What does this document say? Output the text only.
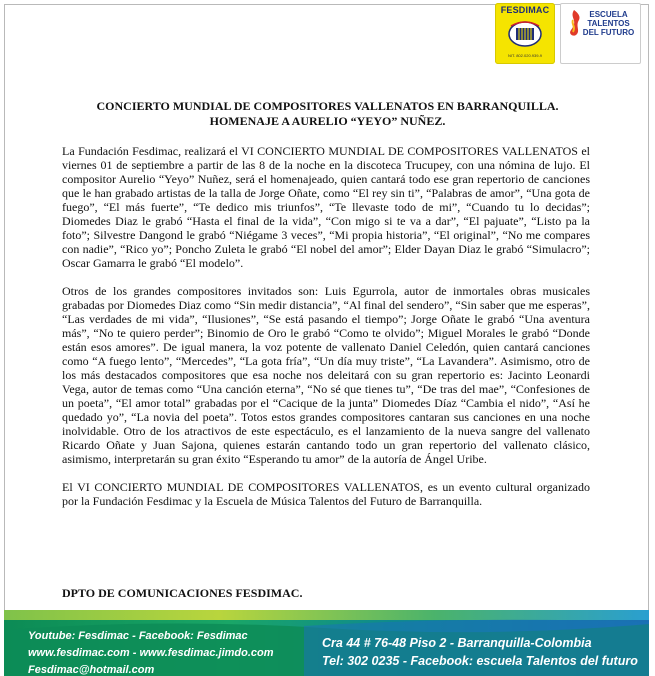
FESDIMAC
NIT. 802.020.939-9
ESCUELA
TALENTOS
DEL FUTURO
CONCIERTO MUNDIAL DE COMPOSITORES VALLENATOS EN BARRANQUILLA.
HOMENAJE A AURELIO “YEYO” NUÑEZ.

La Fundación Fesdimac, realizará el VI CONCIERTO MUNDIAL DE COMPOSITORES VALLENATOS el viernes 01 de septiembre a partir de las 8 de la noche en la discoteca Trucupey, con una nómina de lujo. El compositor Aurelio “Yeyo” Nuñez, será el homenajeado, quien cantará todo ese gran repertorio de canciones que le han grabado artistas de la talla de Jorge Oñate, como “El rey sin ti”, “Palabras de amor”, “Una gota de fuego”, “El más fuerte”, “Te dedico mis triunfos”, “Te llevaste todo de mi”, “Cuando tu lo decidas”; Diomedes Diaz le grabó “Hasta el final de la vida”, “Con migo si te va a dar”, “El pajuate”, “Listo pa la foto”; Silvestre Dangond le grabó “Niégame 3 veces”, “Mi propia historia”, “El original”, “No me compares con nadie”, “Rico yo”; Poncho Zuleta le grabó “El nobel del amor”; Elder Dayan Diaz le grabó “Simulacro”; Oscar Gamarra le grabó “El modelo”.

Otros de los grandes compositores invitados son: Luis Egurrola, autor de inmortales obras musicales grabadas por Diomedes Diaz como “Sin medir distancia”, “Al final del sendero”, “Sin saber que me esperas”, “Las verdades de mi vida”, “Ilusiones”, “Se está pasando el tiempo”; Jorge Oñate le grabó “Una aventura más”, “No te quiero perder”; Binomio de Oro le grabó “Como te olvido”; Miguel Morales le grabó “Donde están esos amores”. De igual manera, la voz potente de vallenato Daniel Celedón, quien cantará canciones como “A fuego lento”, “Mercedes”, “La gota fría”, “Un día muy triste”, “La Lavandera”. Asimismo, otro de los más destacados compositores que esa noche nos deleitará con su gran repertorio es: Jacinto Leonardi Vega, autor de temas como “Una canción eterna”, “No sé que tienes tu”, “De tras del mae”, “Confesiones de un poeta”, “El amor total” grabadas por el “Cacique de la junta” Diomedes Díaz “Cambia el nido”, “Así he quedado yo”, “La novia del poeta”. Totos estos grandes compositores cantaran sus canciones en una noche inolvidable. Otro de los atractivos de este espectáculo, es el lanzamiento de la nueva sangre del vallenato Ricardo Oñate y Juan Sajona, quienes estarán cantando todo un gran repertorio del vallenato clásico, asimismo, interpretarán su gran éxito “Esperando tu amor” de la autoría de Ángel Uribe.

El VI CONCIERTO MUNDIAL DE COMPOSITORES VALLENATOS, es un evento cultural organizado por la Fundación Fesdimac y la Escuela de Música Talentos del Futuro de Barranquilla.

DPTO DE COMUNICACIONES FESDIMAC.
Youtube: Fesdimac - Facebook: Fesdimac
www.fesdimac.com - www.fesdimac.jimdo.com
Fesdimac@hotmail.com
Cra 44 # 76-48 Piso 2 - Barranquilla-Colombia
Tel: 302 0235 - Facebook: escuela Talentos del futuro
